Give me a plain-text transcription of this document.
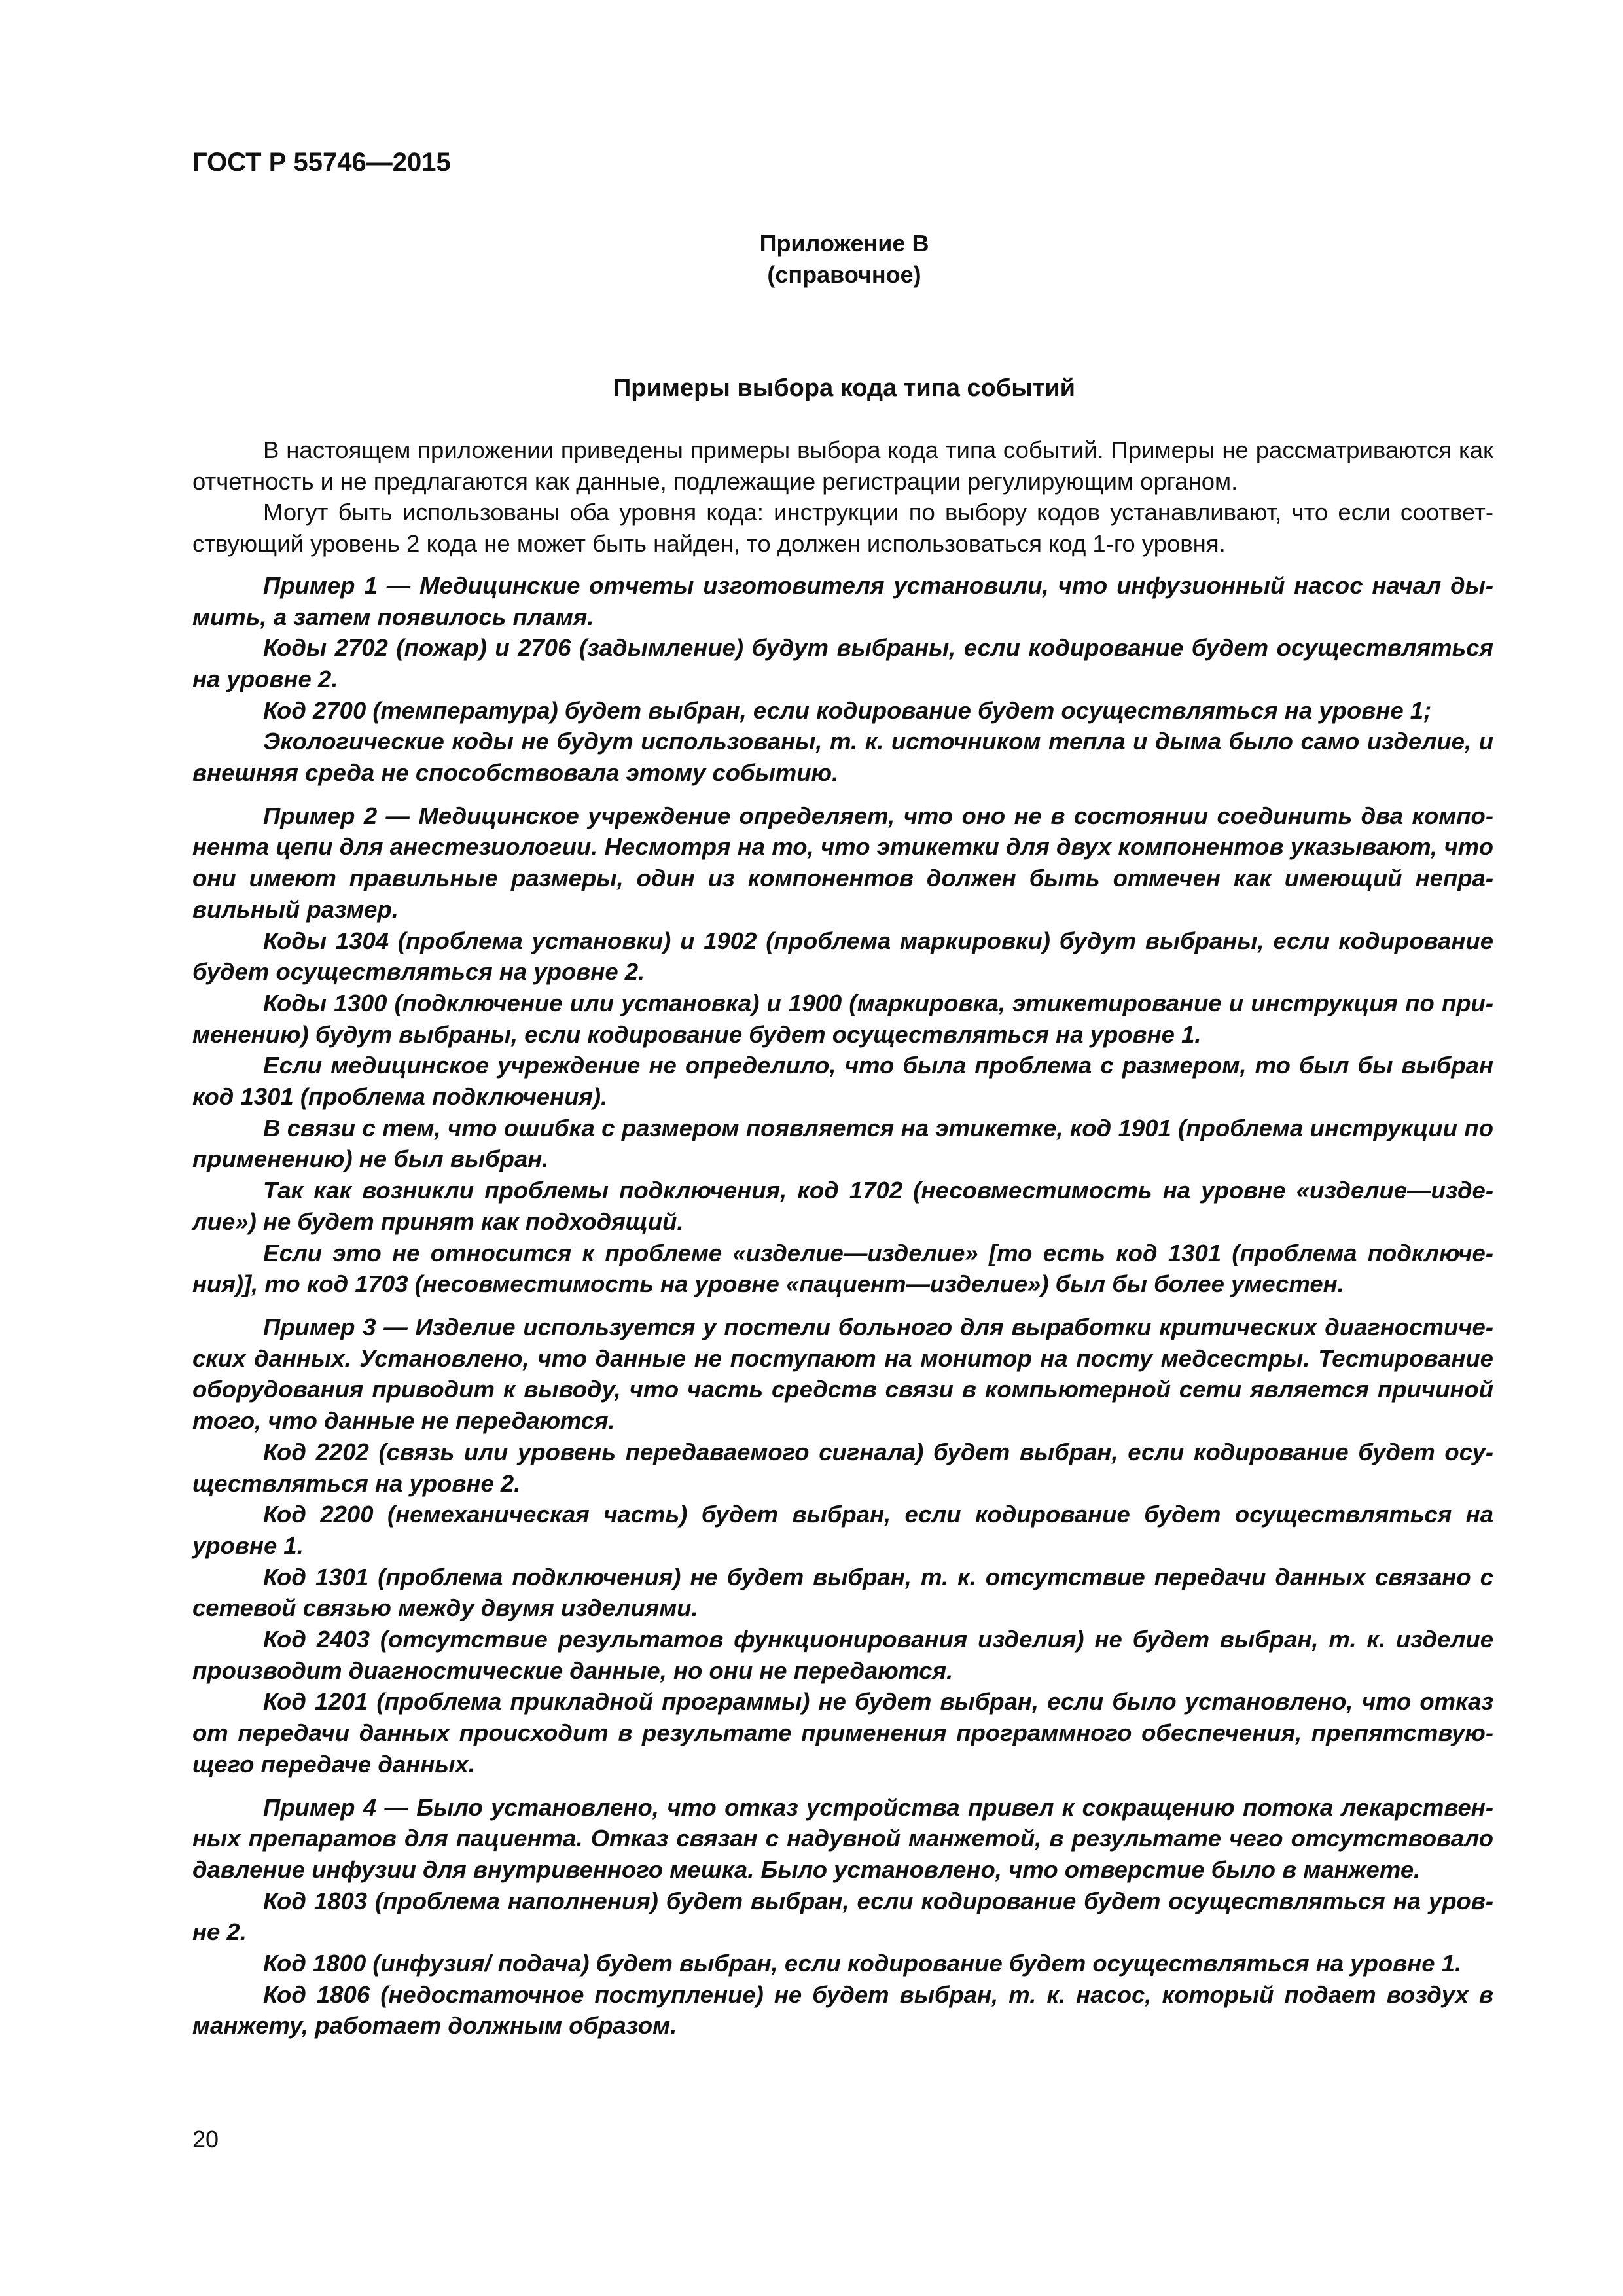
ГОСТ Р 55746—2015
Приложение В
(справочное)
Примеры выбора кода типа событий

В настоящем приложении приведены примеры выбора кода типа событий. Примеры не рассматриваются как отчетность и не предлагаются как данные, подлежащие регистрации регулирующим органом.

Могут быть использованы оба уровня кода: инструкции по выбору кодов устанавливают, что если соответствующий уровень 2 кода не может быть найден, то должен использоваться код 1-го уровня.

Пример 1 — Медицинские отчеты изготовителя установили, что инфузионный насос начал дымить, а затем появилось пламя.

Коды 2702 (пожар) и 2706 (задымление) будут выбраны, если кодирование будет осуществляться на уровне 2.

Код 2700 (температура) будет выбран, если кодирование будет осуществляться на уровне 1;

Экологические коды не будут использованы, т. к. источником тепла и дыма было само изделие, и внешняя среда не способствовала этому событию.

Пример 2 — Медицинское учреждение определяет, что оно не в состоянии соединить два компонента цепи для анестезиологии. Несмотря на то, что этикетки для двух компонентов указывают, что они имеют правильные размеры, один из компонентов должен быть отмечен как имеющий неправильный размер.

Коды 1304 (проблема установки) и 1902 (проблема маркировки) будут выбраны, если кодирование будет осуществляться на уровне 2.

Коды 1300 (подключение или установка) и 1900 (маркировка, этикетирование и инструкция по применению) будут выбраны, если кодирование будет осуществляться на уровне 1.

Если медицинское учреждение не определило, что была проблема с размером, то был бы выбран код 1301 (проблема подключения).

В связи с тем, что ошибка с размером появляется на этикетке, код 1901 (проблема инструкции по применению) не был выбран.

Так как возникли проблемы подключения, код 1702 (несовместимость на уровне «изделие—изделие») не будет принят как подходящий.

Если это не относится к проблеме «изделие—изделие» [то есть код 1301 (проблема подключения)], то код 1703 (несовместимость на уровне «пациент—изделие») был бы более уместен.

Пример 3 — Изделие используется у постели больного для выработки критических диагностических данных. Установлено, что данные не поступают на монитор на посту медсестры. Тестирование оборудования приводит к выводу, что часть средств связи в компьютерной сети является причиной того, что данные не передаются.

Код 2202 (связь или уровень передаваемого сигнала) будет выбран, если кодирование будет осуществляться на уровне 2.

Код 2200 (немеханическая часть) будет выбран, если кодирование будет осуществляться на уровне 1.

Код 1301 (проблема подключения) не будет выбран, т. к. отсутствие передачи данных связано с сетевой связью между двумя изделиями.

Код 2403 (отсутствие результатов функционирования изделия) не будет выбран, т. к. изделие производит диагностические данные, но они не передаются.

Код 1201 (проблема прикладной программы) не будет выбран, если было установлено, что отказ от передачи данных происходит в результате применения программного обеспечения, препятствующего передаче данных.

Пример 4 — Было установлено, что отказ устройства привел к сокращению потока лекарственных препаратов для пациента. Отказ связан с надувной манжетой, в результате чего отсутствовало давление инфузии для внутривенного мешка. Было установлено, что отверстие было в манжете.

Код 1803 (проблема наполнения) будет выбран, если кодирование будет осуществляться на уровне 2.

Код 1800 (инфузия/ подача) будет выбран, если кодирование будет осуществляться на уровне 1.

Код 1806 (недостаточное поступление) не будет выбран, т. к. насос, который подает воздух в манжету, работает должным образом.

20
